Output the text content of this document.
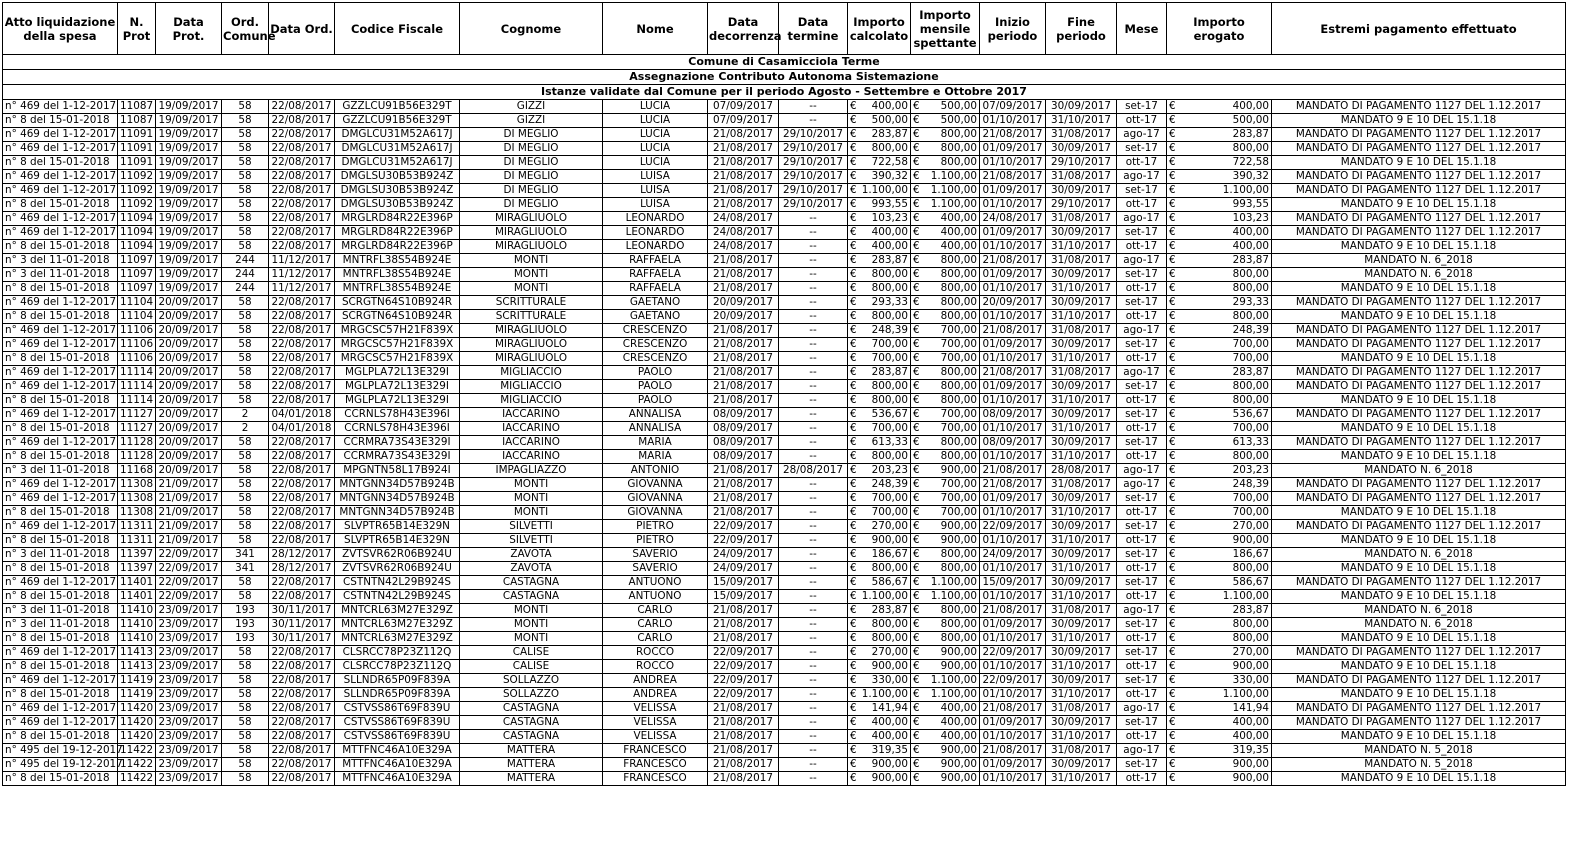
Comune di Casamicciola Terme																
Assegnazione Contributo Autonoma Sistemazione																
Istanze validate dal Comune per il periodo Agosto - Settembre e Ottobre 2017																
Atto liquidazione della spesa	N. Prot	Data Prot.	Ord. Comune	Data Ord.	Codice Fiscale	Cognome	Nome	Data decorrenza	Data termine	Importo calcolato	Importo mensile spettante	Inizio periodo	Fine periodo	Mese	Importo erogato	Estremi pagamento effettuato
n° 469 del 1-12-2017	11087	19/09/2017	58	22/08/2017	GZZLCU91B56E329T	GIZZI	LUCIA	07/09/2017	--	€ 400,00	€ 500,00	07/09/2017	30/09/2017	set-17	€ 400,00	MANDATO DI PAGAMENTO 1127 DEL 1.12.2017
n° 8 del 15-01-2018	11087	19/09/2017	58	22/08/2017	GZZLCU91B56E329T	GIZZI	LUCIA	07/09/2017	--	€ 500,00	€ 500,00	01/10/2017	31/10/2017	ott-17	€ 500,00	MANDATO 9 E 10 DEL 15.1.18
n° 469 del 1-12-2017	11091	19/09/2017	58	22/08/2017	DMGLCU31M52A617J	DI MEGLIO	LUCIA	21/08/2017	29/10/2017	€ 283,87	€ 800,00	21/08/2017	31/08/2017	ago-17	€ 283,87	MANDATO DI PAGAMENTO 1127 DEL 1.12.2017
n° 469 del 1-12-2017	11091	19/09/2017	58	22/08/2017	DMGLCU31M52A617J	DI MEGLIO	LUCIA	21/08/2017	29/10/2017	€ 800,00	€ 800,00	01/09/2017	30/09/2017	set-17	€ 800,00	MANDATO DI PAGAMENTO 1127 DEL 1.12.2017
n° 8 del 15-01-2018	11091	19/09/2017	58	22/08/2017	DMGLCU31M52A617J	DI MEGLIO	LUCIA	21/08/2017	29/10/2017	€ 722,58	€ 800,00	01/10/2017	29/10/2017	ott-17	€ 722,58	MANDATO 9 E 10 DEL 15.1.18
n° 469 del 1-12-2017	11092	19/09/2017	58	22/08/2017	DMGLSU30B53B924Z	DI MEGLIO	LUISA	21/08/2017	29/10/2017	€ 390,32	€ 1.100,00	21/08/2017	31/08/2017	ago-17	€ 390,32	MANDATO DI PAGAMENTO 1127 DEL 1.12.2017
n° 469 del 1-12-2017	11092	19/09/2017	58	22/08/2017	DMGLSU30B53B924Z	DI MEGLIO	LUISA	21/08/2017	29/10/2017	€ 1.100,00	€ 1.100,00	01/09/2017	30/09/2017	set-17	€ 1.100,00	MANDATO DI PAGAMENTO 1127 DEL 1.12.2017
n° 8 del 15-01-2018	11092	19/09/2017	58	22/08/2017	DMGLSU30B53B924Z	DI MEGLIO	LUISA	21/08/2017	29/10/2017	€ 993,55	€ 1.100,00	01/10/2017	29/10/2017	ott-17	€ 993,55	MANDATO 9 E 10 DEL 15.1.18
n° 469 del 1-12-2017	11094	19/09/2017	58	22/08/2017	MRGLRD84R22E396P	MIRAGLIUOLO	LEONARDO	24/08/2017	--	€ 103,23	€ 400,00	24/08/2017	31/08/2017	ago-17	€ 103,23	MANDATO DI PAGAMENTO 1127 DEL 1.12.2017
n° 469 del 1-12-2017	11094	19/09/2017	58	22/08/2017	MRGLRD84R22E396P	MIRAGLIUOLO	LEONARDO	24/08/2017	--	€ 400,00	€ 400,00	01/09/2017	30/09/2017	set-17	€ 400,00	MANDATO DI PAGAMENTO 1127 DEL 1.12.2017
n° 8 del 15-01-2018	11094	19/09/2017	58	22/08/2017	MRGLRD84R22E396P	MIRAGLIUOLO	LEONARDO	24/08/2017	--	€ 400,00	€ 400,00	01/10/2017	31/10/2017	ott-17	€ 400,00	MANDATO 9 E 10 DEL 15.1.18
n° 3 del 11-01-2018	11097	19/09/2017	244	11/12/2017	MNTRFL38S54B924E	MONTI	RAFFAELA	21/08/2017	--	€ 283,87	€ 800,00	21/08/2017	31/08/2017	ago-17	€ 283,87	MANDATO N. 6_2018
n° 3 del 11-01-2018	11097	19/09/2017	244	11/12/2017	MNTRFL38S54B924E	MONTI	RAFFAELA	21/08/2017	--	€ 800,00	€ 800,00	01/09/2017	30/09/2017	set-17	€ 800,00	MANDATO N. 6_2018
n° 8 del 15-01-2018	11097	19/09/2017	244	11/12/2017	MNTRFL38S54B924E	MONTI	RAFFAELA	21/08/2017	--	€ 800,00	€ 800,00	01/10/2017	31/10/2017	ott-17	€ 800,00	MANDATO 9 E 10 DEL 15.1.18
n° 469 del 1-12-2017	11104	20/09/2017	58	22/08/2017	SCRGTN64S10B924R	SCRITTURALE	GAETANO	20/09/2017	--	€ 293,33	€ 800,00	20/09/2017	30/09/2017	set-17	€ 293,33	MANDATO DI PAGAMENTO 1127 DEL 1.12.2017
n° 8 del 15-01-2018	11104	20/09/2017	58	22/08/2017	SCRGTN64S10B924R	SCRITTURALE	GAETANO	20/09/2017	--	€ 800,00	€ 800,00	01/10/2017	31/10/2017	ott-17	€ 800,00	MANDATO 9 E 10 DEL 15.1.18
n° 469 del 1-12-2017	11106	20/09/2017	58	22/08/2017	MRGCSC57H21F839X	MIRAGLIUOLO	CRESCENZO	21/08/2017	--	€ 248,39	€ 700,00	21/08/2017	31/08/2017	ago-17	€ 248,39	MANDATO DI PAGAMENTO 1127 DEL 1.12.2017
n° 469 del 1-12-2017	11106	20/09/2017	58	22/08/2017	MRGCSC57H21F839X	MIRAGLIUOLO	CRESCENZO	21/08/2017	--	€ 700,00	€ 700,00	01/09/2017	30/09/2017	set-17	€ 700,00	MANDATO DI PAGAMENTO 1127 DEL 1.12.2017
n° 8 del 15-01-2018	11106	20/09/2017	58	22/08/2017	MRGCSC57H21F839X	MIRAGLIUOLO	CRESCENZO	21/08/2017	--	€ 700,00	€ 700,00	01/10/2017	31/10/2017	ott-17	€ 700,00	MANDATO 9 E 10 DEL 15.1.18
n° 469 del 1-12-2017	11114	20/09/2017	58	22/08/2017	MGLPLA72L13E329I	MIGLIACCIO	PAOLO	21/08/2017	--	€ 283,87	€ 800,00	21/08/2017	31/08/2017	ago-17	€ 283,87	MANDATO DI PAGAMENTO 1127 DEL 1.12.2017
n° 469 del 1-12-2017	11114	20/09/2017	58	22/08/2017	MGLPLA72L13E329I	MIGLIACCIO	PAOLO	21/08/2017	--	€ 800,00	€ 800,00	01/09/2017	30/09/2017	set-17	€ 800,00	MANDATO DI PAGAMENTO 1127 DEL 1.12.2017
n° 8 del 15-01-2018	11114	20/09/2017	58	22/08/2017	MGLPLA72L13E329I	MIGLIACCIO	PAOLO	21/08/2017	--	€ 800,00	€ 800,00	01/10/2017	31/10/2017	ott-17	€ 800,00	MANDATO 9 E 10 DEL 15.1.18
n° 469 del 1-12-2017	11127	20/09/2017	2	04/01/2018	CCRNLS78H43E396I	IACCARINO	ANNALISA	08/09/2017	--	€ 536,67	€ 700,00	08/09/2017	30/09/2017	set-17	€ 536,67	MANDATO DI PAGAMENTO 1127 DEL 1.12.2017
n° 8 del 15-01-2018	11127	20/09/2017	2	04/01/2018	CCRNLS78H43E396I	IACCARINO	ANNALISA	08/09/2017	--	€ 700,00	€ 700,00	01/10/2017	31/10/2017	ott-17	€ 700,00	MANDATO 9 E 10 DEL 15.1.18
n° 469 del 1-12-2017	11128	20/09/2017	58	22/08/2017	CCRMRA73S43E329I	IACCARINO	MARIA	08/09/2017	--	€ 613,33	€ 800,00	08/09/2017	30/09/2017	set-17	€ 613,33	MANDATO DI PAGAMENTO 1127 DEL 1.12.2017
n° 8 del 15-01-2018	11128	20/09/2017	58	22/08/2017	CCRMRA73S43E329I	IACCARINO	MARIA	08/09/2017	--	€ 800,00	€ 800,00	01/10/2017	31/10/2017	ott-17	€ 800,00	MANDATO 9 E 10 DEL 15.1.18
n° 3 del 11-01-2018	11168	20/09/2017	58	22/08/2017	MPGNTN58L17B924I	IMPAGLIAZZO	ANTONIO	21/08/2017	28/08/2017	€ 203,23	€ 900,00	21/08/2017	28/08/2017	ago-17	€ 203,23	MANDATO N. 6_2018
n° 469 del 1-12-2017	11308	21/09/2017	58	22/08/2017	MNTGNN34D57B924B	MONTI	GIOVANNA	21/08/2017	--	€ 248,39	€ 700,00	21/08/2017	31/08/2017	ago-17	€ 248,39	MANDATO DI PAGAMENTO 1127 DEL 1.12.2017
n° 469 del 1-12-2017	11308	21/09/2017	58	22/08/2017	MNTGNN34D57B924B	MONTI	GIOVANNA	21/08/2017	--	€ 700,00	€ 700,00	01/09/2017	30/09/2017	set-17	€ 700,00	MANDATO DI PAGAMENTO 1127 DEL 1.12.2017
n° 8 del 15-01-2018	11308	21/09/2017	58	22/08/2017	MNTGNN34D57B924B	MONTI	GIOVANNA	21/08/2017	--	€ 700,00	€ 700,00	01/10/2017	31/10/2017	ott-17	€ 700,00	MANDATO 9 E 10 DEL 15.1.18
n° 469 del 1-12-2017	11311	21/09/2017	58	22/08/2017	SLVPTR65B14E329N	SILVETTI	PIETRO	22/09/2017	--	€ 270,00	€ 900,00	22/09/2017	30/09/2017	set-17	€ 270,00	MANDATO DI PAGAMENTO 1127 DEL 1.12.2017
n° 8 del 15-01-2018	11311	21/09/2017	58	22/08/2017	SLVPTR65B14E329N	SILVETTI	PIETRO	22/09/2017	--	€ 900,00	€ 900,00	01/10/2017	31/10/2017	ott-17	€ 900,00	MANDATO 9 E 10 DEL 15.1.18
n° 3 del 11-01-2018	11397	22/09/2017	341	28/12/2017	ZVTSVR62R06B924U	ZAVOTA	SAVERIO	24/09/2017	--	€ 186,67	€ 800,00	24/09/2017	30/09/2017	set-17	€ 186,67	MANDATO N. 6_2018
n° 8 del 15-01-2018	11397	22/09/2017	341	28/12/2017	ZVTSVR62R06B924U	ZAVOTA	SAVERIO	24/09/2017	--	€ 800,00	€ 800,00	01/10/2017	31/10/2017	ott-17	€ 800,00	MANDATO 9 E 10 DEL 15.1.18
n° 469 del 1-12-2017	11401	22/09/2017	58	22/08/2017	CSTNTN42L29B924S	CASTAGNA	ANTUONO	15/09/2017	--	€ 586,67	€ 1.100,00	15/09/2017	30/09/2017	set-17	€ 586,67	MANDATO DI PAGAMENTO 1127 DEL 1.12.2017
n° 8 del 15-01-2018	11401	22/09/2017	58	22/08/2017	CSTNTN42L29B924S	CASTAGNA	ANTUONO	15/09/2017	--	€ 1.100,00	€ 1.100,00	01/10/2017	31/10/2017	ott-17	€ 1.100,00	MANDATO 9 E 10 DEL 15.1.18
n° 3 del 11-01-2018	11410	23/09/2017	193	30/11/2017	MNTCRL63M27E329Z	MONTI	CARLO	21/08/2017	--	€ 283,87	€ 800,00	21/08/2017	31/08/2017	ago-17	€ 283,87	MANDATO N. 6_2018
n° 3 del 11-01-2018	11410	23/09/2017	193	30/11/2017	MNTCRL63M27E329Z	MONTI	CARLO	21/08/2017	--	€ 800,00	€ 800,00	01/09/2017	30/09/2017	set-17	€ 800,00	MANDATO N. 6_2018
n° 8 del 15-01-2018	11410	23/09/2017	193	30/11/2017	MNTCRL63M27E329Z	MONTI	CARLO	21/08/2017	--	€ 800,00	€ 800,00	01/10/2017	31/10/2017	ott-17	€ 800,00	MANDATO 9 E 10 DEL 15.1.18
n° 469 del 1-12-2017	11413	23/09/2017	58	22/08/2017	CLSRCC78P23Z112Q	CALISE	ROCCO	22/09/2017	--	€ 270,00	€ 900,00	22/09/2017	30/09/2017	set-17	€ 270,00	MANDATO DI PAGAMENTO 1127 DEL 1.12.2017
n° 8 del 15-01-2018	11413	23/09/2017	58	22/08/2017	CLSRCC78P23Z112Q	CALISE	ROCCO	22/09/2017	--	€ 900,00	€ 900,00	01/10/2017	31/10/2017	ott-17	€ 900,00	MANDATO 9 E 10 DEL 15.1.18
n° 469 del 1-12-2017	11419	23/09/2017	58	22/08/2017	SLLNDR65P09F839A	SOLLAZZO	ANDREA	22/09/2017	--	€ 330,00	€ 1.100,00	22/09/2017	30/09/2017	set-17	€ 330,00	MANDATO DI PAGAMENTO 1127 DEL 1.12.2017
n° 8 del 15-01-2018	11419	23/09/2017	58	22/08/2017	SLLNDR65P09F839A	SOLLAZZO	ANDREA	22/09/2017	--	€ 1.100,00	€ 1.100,00	01/10/2017	31/10/2017	ott-17	€ 1.100,00	MANDATO 9 E 10 DEL 15.1.18
n° 469 del 1-12-2017	11420	23/09/2017	58	22/08/2017	CSTVSS86T69F839U	CASTAGNA	VELISSA	21/08/2017	--	€ 141,94	€ 400,00	21/08/2017	31/08/2017	ago-17	€ 141,94	MANDATO DI PAGAMENTO 1127 DEL 1.12.2017
n° 469 del 1-12-2017	11420	23/09/2017	58	22/08/2017	CSTVSS86T69F839U	CASTAGNA	VELISSA	21/08/2017	--	€ 400,00	€ 400,00	01/09/2017	30/09/2017	set-17	€ 400,00	MANDATO DI PAGAMENTO 1127 DEL 1.12.2017
n° 8 del 15-01-2018	11420	23/09/2017	58	22/08/2017	CSTVSS86T69F839U	CASTAGNA	VELISSA	21/08/2017	--	€ 400,00	€ 400,00	01/10/2017	31/10/2017	ott-17	€ 400,00	MANDATO 9 E 10 DEL 15.1.18
n° 495 del 19-12-2017	11422	23/09/2017	58	22/08/2017	MTTFNC46A10E329A	MATTERA	FRANCESCO	21/08/2017	--	€ 319,35	€ 900,00	21/08/2017	31/08/2017	ago-17	€ 319,35	MANDATO N. 5_2018
n° 495 del 19-12-2017	11422	23/09/2017	58	22/08/2017	MTTFNC46A10E329A	MATTERA	FRANCESCO	21/08/2017	--	€ 900,00	€ 900,00	01/09/2017	30/09/2017	set-17	€ 900,00	MANDATO N. 5_2018
n° 8 del 15-01-2018	11422	23/09/2017	58	22/08/2017	MTTFNC46A10E329A	MATTERA	FRANCESCO	21/08/2017	--	€ 900,00	€ 900,00	01/10/2017	31/10/2017	ott-17	€ 900,00	MANDATO 9 E 10 DEL 15.1.18
